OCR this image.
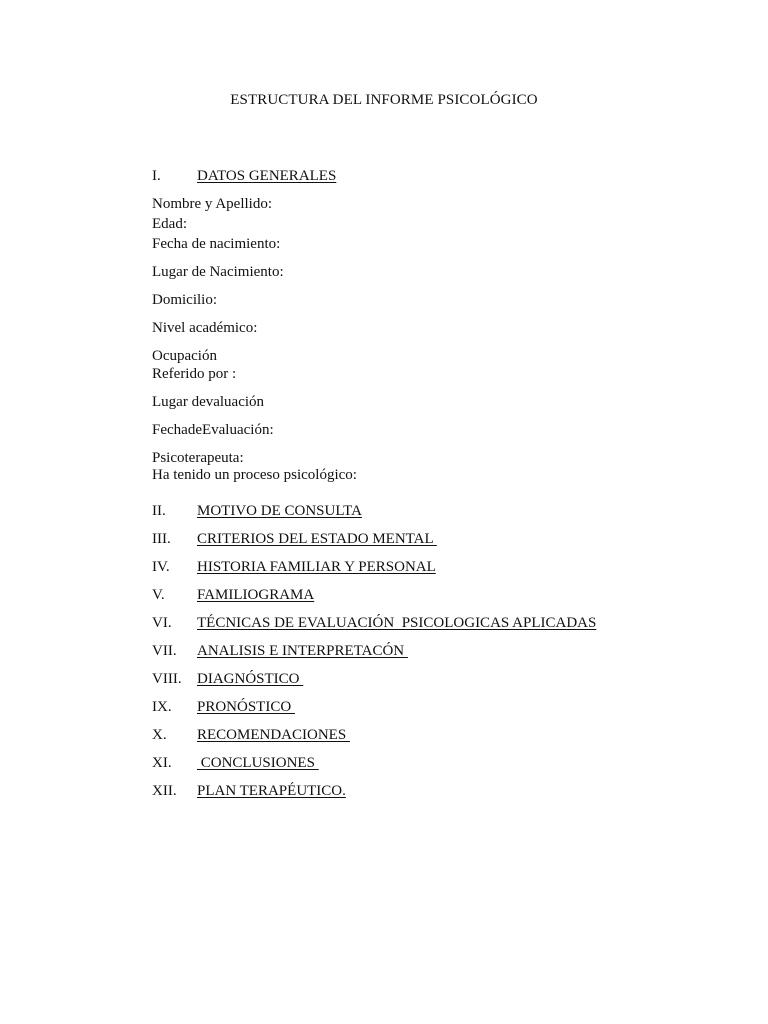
ESTRUCTURA DEL INFORME PSICOLÓGICO

I.

DATOS GENERALES

Nombre y Apellido:

Edad:

Fecha de nacimiento:

Lugar de Nacimiento:

Domicilio:

Nivel académico:

Ocupación

Referido por :

Lugar devaluación

FechadeEvaluación:

Psicoterapeuta:

Ha tenido un proceso psicológico:

II.

MOTIVO DE CONSULTA

III.

CRITERIOS DEL ESTADO MENTAL

IV.

HISTORIA FAMILIAR Y PERSONAL

V.

FAMILIOGRAMA

VI.

TÉCNICAS DE EVALUACIÓN  PSICOLOGICAS APLICADAS

VII.

ANALISIS E INTERPRETACÓN

VIII.

DIAGNÓSTICO

IX.

PRONÓSTICO

X.

RECOMENDACIONES

XI.

CONCLUSIONES

XII.

PLAN TERAPÉUTICO.
